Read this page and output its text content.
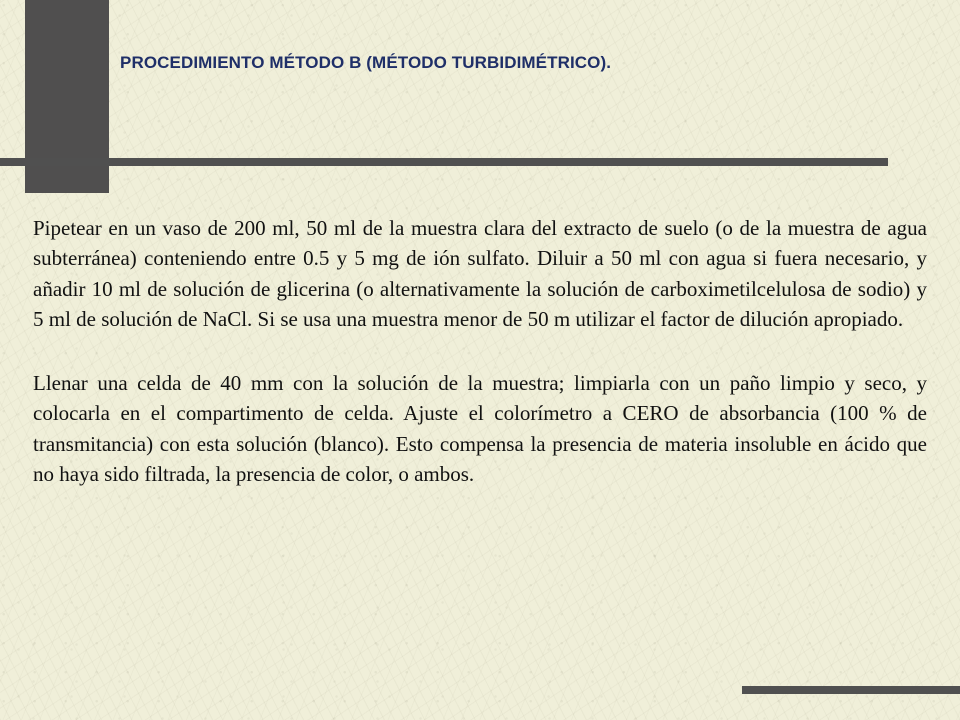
PROCEDIMIENTO MÉTODO B (MÉTODO TURBIDIMÉTRICO).

Pipetear en un vaso de 200 ml, 50 ml de la muestra clara del extracto de suelo (o de la muestra de agua subterránea) conteniendo entre 0.5 y 5 mg de ión sulfato. Diluir a 50 ml con agua si fuera necesario, y añadir 10 ml de solución de glicerina (o alternativamente la solución de carboximetilcelulosa de sodio) y 5 ml de solución de NaCl. Si se usa una muestra menor de 50 m utilizar el factor de dilución apropiado.

Llenar una celda de 40 mm con la solución de la muestra; limpiarla con un paño limpio y seco, y colocarla en el compartimento de celda. Ajuste el colorímetro a CERO de absorbancia (100 % de transmitancia) con esta solución (blanco). Esto compensa la presencia de materia insoluble en ácido que no haya sido filtrada, la presencia de color, o ambos.
